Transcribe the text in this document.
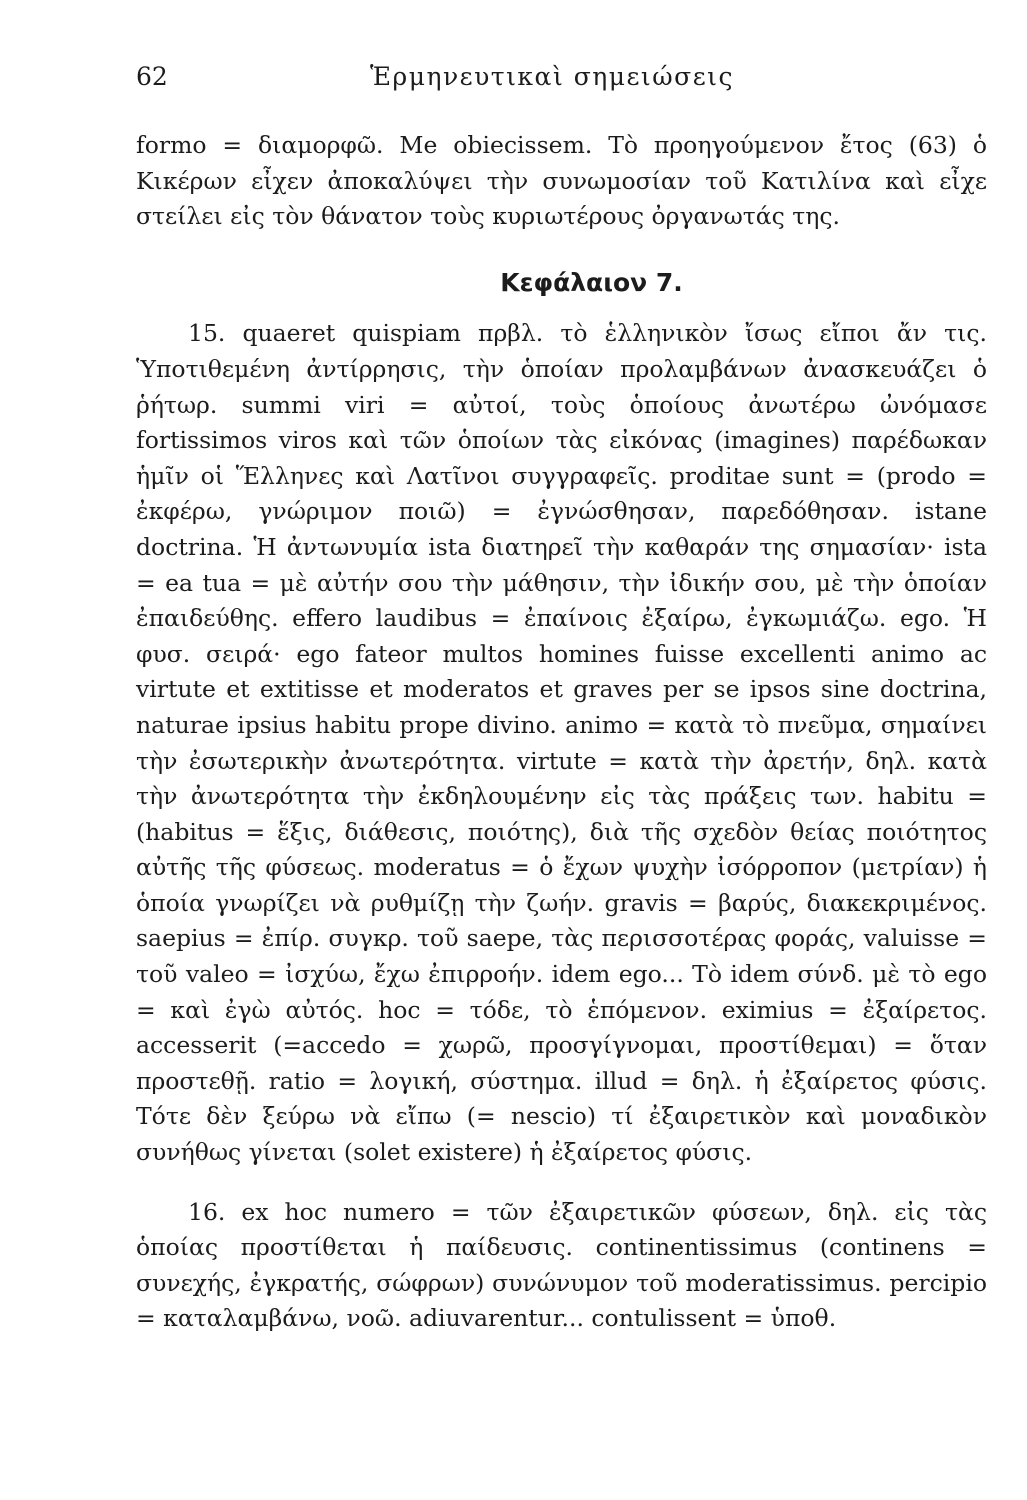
62	Ἑρμηνευτικαὶ σημειώσεις

formo = διαμορφῶ. Me obiecissem. Τὸ προηγούμενον ἔτος (63) ὁ Κικέρων εἶχεν ἀποκαλύψει τὴν συνωμοσίαν τοῦ Κατιλίνα καὶ εἶχε στείλει εἰς τὸν θάνατον τοὺς κυριωτέρους ὀργανωτάς της.

Κεφάλαιον 7.

15. quaeret quispiam πρβλ. τὸ ἑλληνικὸν ἴσως εἴποι ἄν τις. Ὑποτιθεμένη ἀντίρρησις, τὴν ὁποίαν προλαμβάνων ἀνασκευάζει ὁ ῥήτωρ. summi viri = αὐτοί, τοὺς ὁποίους ἀνωτέρω ὠνόμασε fortissimos viros καὶ τῶν ὁποίων τὰς εἰκόνας (imagines) παρέδωκαν ἡμῖν οἱ Ἕλληνες καὶ Λατῖνοι συγγραφεῖς. proditae sunt = (prodo = ἐκφέρω, γνώριμον ποιῶ) = ἐγνώσθησαν, παρεδόθησαν. istane doctrina. Ἡ ἀντωνυμία ista διατηρεῖ τὴν καθαράν της σημασίαν· ista = ea tua = μὲ αὐτήν σου τὴν μάθησιν, τὴν ἰδικήν σου, μὲ τὴν ὁποίαν ἐπαιδεύθης. effero laudibus = ἐπαίνοις ἐξαίρω, ἐγκωμιάζω. ego. Ἡ φυσ. σειρά· ego fateor multos homines fuisse excellenti animo ac virtute et extitisse et moderatos et graves per se ipsos sine doctrina, naturae ipsius habitu prope divino. animo = κατὰ τὸ πνεῦμα, σημαίνει τὴν ἐσωτερικὴν ἀνωτερότητα. virtute = κατὰ τὴν ἀρετήν, δηλ. κατὰ τὴν ἀνωτερότητα τὴν ἐκδηλουμένην εἰς τὰς πράξεις των. habitu = (habitus = ἕξις, διάθεσις, ποιότης), διὰ τῆς σχεδὸν θείας ποιότητος αὐτῆς τῆς φύσεως. moderatus = ὁ ἔχων ψυχὴν ἰσόρροπον (μετρίαν) ἡ ὁποία γνωρίζει νὰ ρυθμίζῃ τὴν ζωήν. gravis = βαρύς, διακεκριμένος. saepius = ἐπίρ. συγκρ. τοῦ saepe, τὰς περισσοτέρας φοράς, valuisse = τοῦ valeo = ἰσχύω, ἔχω ἐπιρροήν. idem ego... Τὸ idem σύνδ. μὲ τὸ ego = καὶ ἐγὼ αὐτός. hoc = τόδε, τὸ ἑπόμενον. eximius = ἐξαίρετος. accesserit (=accedo = χωρῶ, προσγίγνομαι, προστίθεμαι) = ὅταν προστεθῇ. ratio = λογική, σύστημα. illud = δηλ. ἡ ἐξαίρετος φύσις. Τότε δὲν ξεύρω νὰ εἴπω (= nescio) τί ἐξαιρετικὸν καὶ μοναδικὸν συνήθως γίνεται (solet existere) ἡ ἐξαίρετος φύσις.

16. ex hoc numero = τῶν ἐξαιρετικῶν φύσεων, δηλ. εἰς τὰς ὁποίας προστίθεται ἡ παίδευσις. continentissimus (continens = συνεχής, ἐγκρατής, σώφρων) συνώνυμον τοῦ moderatissimus. percipio = καταλαμβάνω, νοῶ. adiuvarentur... contulissent = ὑποθ.
